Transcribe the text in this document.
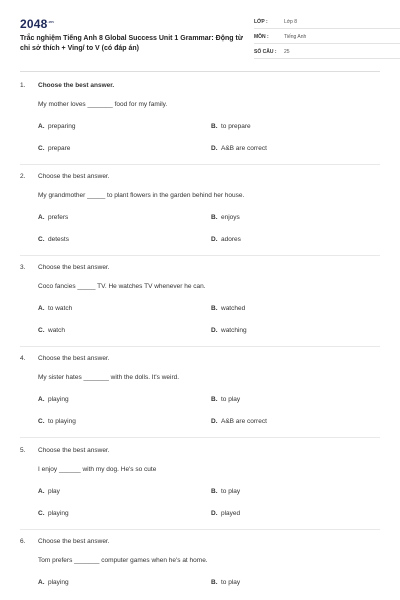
$2048^{.vn}$
Trắc nghiệm Tiếng Anh 8 Global Success Unit 1 Grammar: Động từ chỉ sở thích + Ving/ to V (có đáp án)
LỚP :	Lớp 8
MÔN :	Tiếng Anh
SỐ CÂU :	25
1. Choose the best answer.
My mother loves _______ food for my family.
A. preparing	B. to prepare
C. prepare	D. A&B are correct
2. Choose the best answer.
My grandmother _____ to plant flowers in the garden behind her house.
A. prefers	B. enjoys
C. detests	D. adores
3. Choose the best answer.
Coco fancies _____ TV. He watches TV whenever he can.
A. to watch	B. watched
C. watch	D. watching
4. Choose the best answer.
My sister hates _______ with the dolls. It's weird.
A. playing	B. to play
C. to playing	D. A&B are correct
5. Choose the best answer.
I enjoy ______ with my dog. He's so cute
A. play	B. to play
C. playing	D. played
6. Choose the best answer.
Tom prefers _______ computer games when he's at home.
A. playing	B. to play
